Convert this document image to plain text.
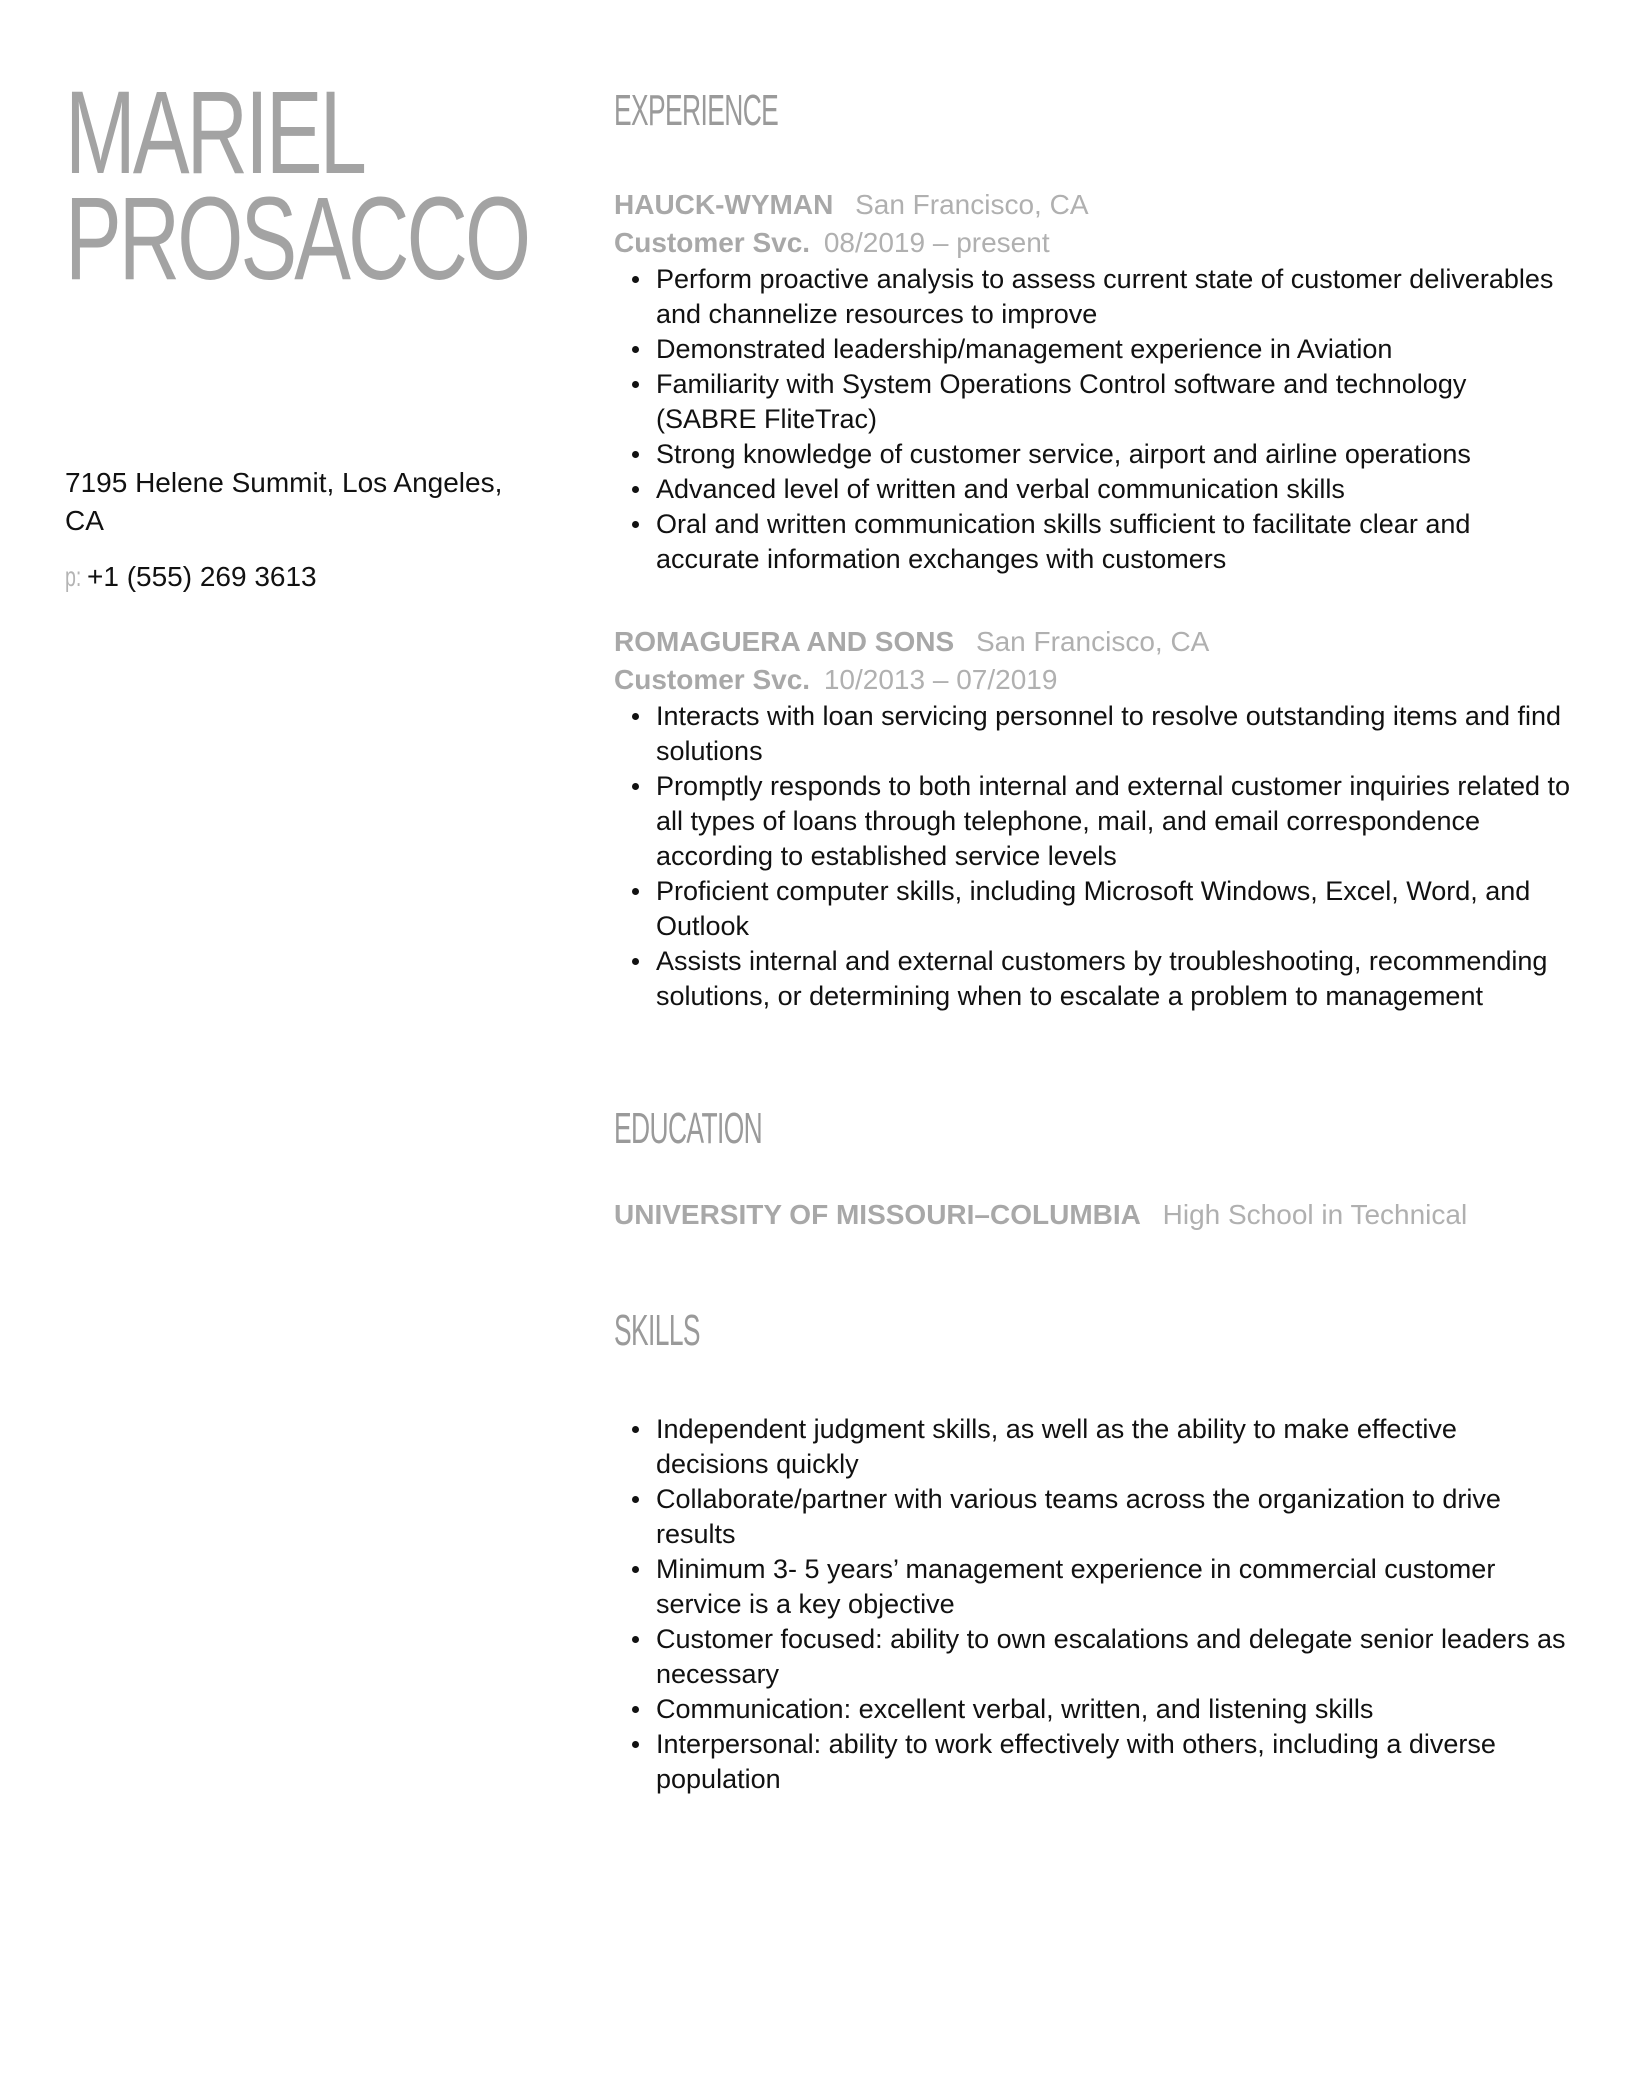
MARIEL
PROSACCO
7195 Helene Summit, Los Angeles, CA
p: +1 (555) 269 3613
EXPERIENCE
HAUCK-WYMAN San Francisco, CA
Customer Svc. 08/2019 – present
Perform proactive analysis to assess current state of customer deliverables and channelize resources to improve
Demonstrated leadership/management experience in Aviation
Familiarity with System Operations Control software and technology (SABRE FliteTrac)
Strong knowledge of customer service, airport and airline operations
Advanced level of written and verbal communication skills
Oral and written communication skills sufficient to facilitate clear and accurate information exchanges with customers
ROMAGUERA AND SONS San Francisco, CA
Customer Svc. 10/2013 – 07/2019
Interacts with loan servicing personnel to resolve outstanding items and find solutions
Promptly responds to both internal and external customer inquiries related to all types of loans through telephone, mail, and email correspondence according to established service levels
Proficient computer skills, including Microsoft Windows, Excel, Word, and Outlook
Assists internal and external customers by troubleshooting, recommending solutions, or determining when to escalate a problem to management
EDUCATION
UNIVERSITY OF MISSOURI–COLUMBIA High School in Technical
SKILLS
Independent judgment skills, as well as the ability to make effective decisions quickly
Collaborate/partner with various teams across the organization to drive results
Minimum 3- 5 years’ management experience in commercial customer service is a key objective
Customer focused: ability to own escalations and delegate senior leaders as necessary
Communication: excellent verbal, written, and listening skills
Interpersonal: ability to work effectively with others, including a diverse population
